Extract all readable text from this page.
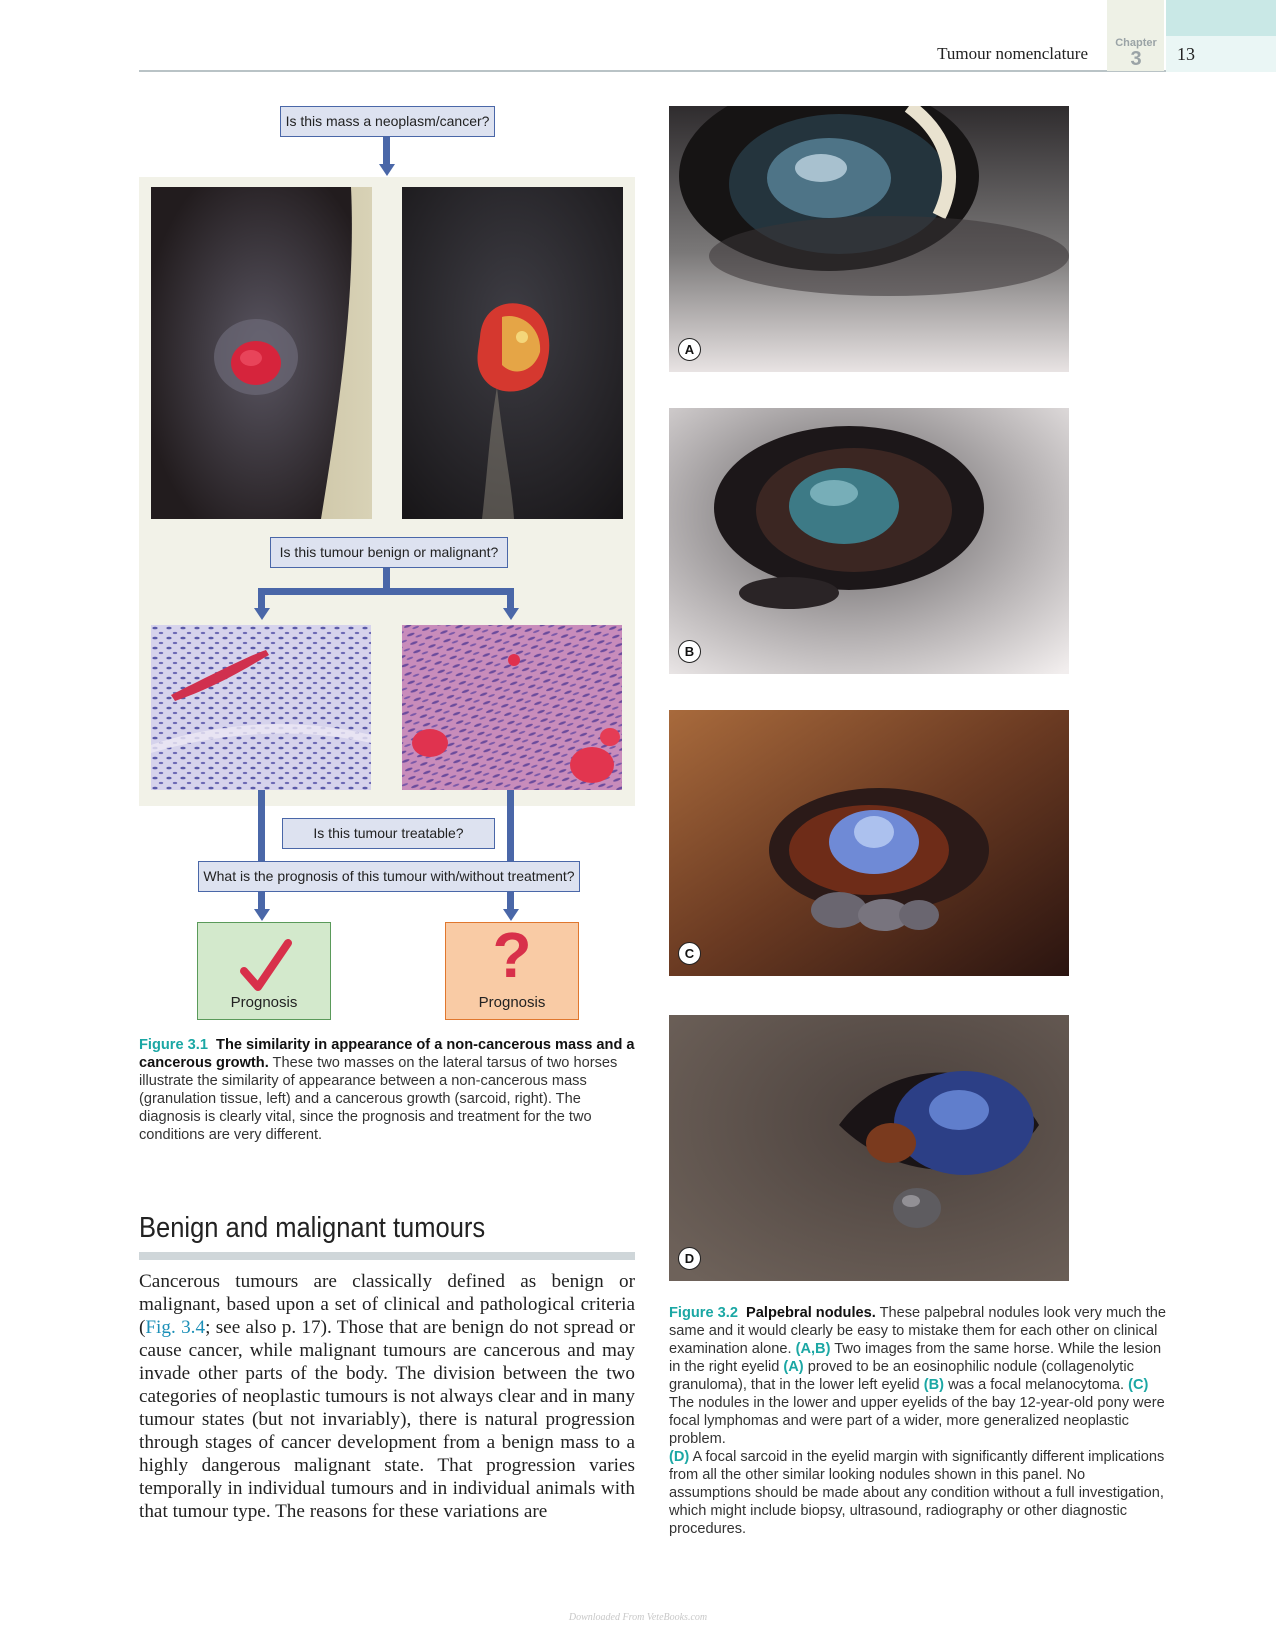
Tumour nomenclature
Chapter
3	13
Is this mass a neoplasm/cancer?
Is this tumour benign or malignant?
Is this tumour treatable?
What is the prognosis of this tumour with/without treatment?
Prognosis
?
Prognosis
Figure 3.1 The similarity in appearance of a non-cancerous mass and a cancerous growth. These two masses on the lateral tarsus of two horses illustrate the similarity of appearance between a non-cancerous mass (granulation tissue, left) and a cancerous growth (sarcoid, right). The diagnosis is clearly vital, since the prognosis and treatment for the two conditions are very different.
Benign and malignant tumours
Cancerous tumours are classically defined as benign or malignant, based upon a set of clinical and pathological criteria (Fig. 3.4; see also p. 17). Those that are benign do not spread or cause cancer, while malignant tumours are cancerous and may invade other parts of the body. The division between the two categories of neoplastic tumours is not always clear and in many tumour states (but not invariably), there is natural progression through stages of cancer development from a benign mass to a highly dangerous malignant state. That progression varies temporally in individual tumours and in individual animals with that tumour type. The reasons for these variations are
A
B
C
D
Figure 3.2 Palpebral nodules. These palpebral nodules look very much the same and it would clearly be easy to mistake them for each other on clinical examination alone. (A,B) Two images from the same horse. While the lesion in the right eyelid (A) proved to be an eosinophilic nodule (collagenolytic granuloma), that in the lower left eyelid (B) was a focal melanocytoma. (C) The nodules in the lower and upper eyelids of the bay 12-year-old pony were focal lymphomas and were part of a wider, more generalized neoplastic problem.
(D) A focal sarcoid in the eyelid margin with significantly different implications from all the other similar looking nodules shown in this panel. No assumptions should be made about any condition without a full investigation, which might include biopsy, ultrasound, radiography or other diagnostic procedures.
Downloaded From VeteBooks.com
